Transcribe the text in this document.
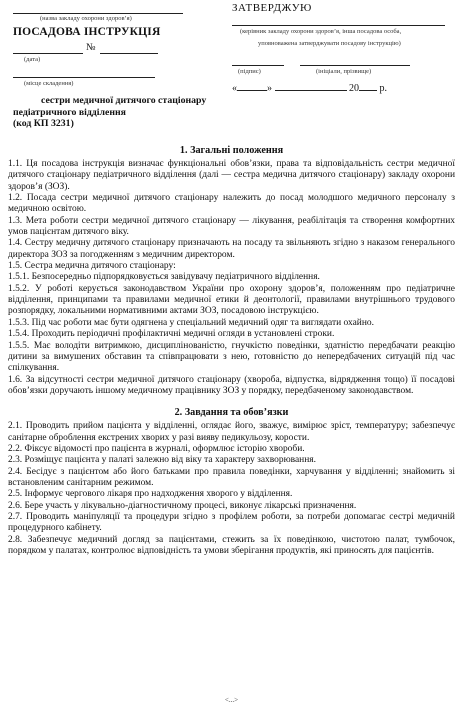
(назва закладу охорони здоров’я)
ПОСАДОВА ІНСТРУКЦІЯ
№
(дата)
(місце складення)
сестри медичної дитячого стаціонару
педіатричного відділення
(код КП 3231)
ЗАТВЕРДЖУЮ
(керівник закладу охорони здоров’я, інша посадова особа,
уповноважена затверджувати посадову інструкцію)
(підпис)	(ініціали, прізвище)
«	»	20 р.
1. Загальні положення

1.1. Ця посадова інструкція визначає функціональні обов’язки, права та відповідальність сестри медичної дитячого стаціонару педіатричного відділення (далі — сестра медична дитячого стаціонару) закладу охорони здоров’я (ЗОЗ).

1.2. Посада сестри медичної дитячого стаціонару належить до посад молодшого медичного персоналу з медичною освітою.

1.3. Мета роботи сестри медичної дитячого стаціонару — лікування, реабілітація та створення комфортних умов пацієнтам дитячого віку.

1.4. Сестру медичну дитячого стаціонару призначають на посаду та звільняють згідно з наказом генерального директора ЗОЗ за погодженням з медичним директором.

1.5. Сестра медична дитячого стаціонару:

1.5.1. Безпосередньо підпорядковується завідувачу педіатричного відділення.

1.5.2. У роботі керується законодавством України про охорону здоров’я, положенням про педіатричне відділення, принципами та правилами медичної етики й деонтології, правилами внутрішнього трудового розпорядку, локальними нормативними актами ЗОЗ, посадовою інструкцією.

1.5.3. Під час роботи має бути одягнена у спеціальний медичний одяг та виглядати охайно.

1.5.4. Проходить періодичні профілактичні медичні огляди в установлені строки.

1.5.5. Має володіти витримкою, дисциплінованістю, гнучкістю поведінки, здатністю передбачати реакцію дитини за вимушених обставин та співпрацювати з нею, готовністю до непередбачених ситуацій під час спілкування.

1.6. За відсутності сестри медичної дитячого стаціонару (хвороба, відпустка, відрядження тощо) її посадові обов’язки доручають іншому медичному працівнику ЗОЗ у порядку, передбаченому законодавством.

2. Завдання та обов’язки

2.1. Проводить прийом пацієнта у відділенні, оглядає його, зважує, вимірює зріст, температуру; забезпечує санітарне оброблення екстрених хворих у разі вияву педикульозу, корости.

2.2. Фіксує відомості про пацієнта в журналі, оформлює історію хвороби.

2.3. Розміщує пацієнта у палаті залежно від віку та характеру захворювання.

2.4. Бесідує з пацієнтом або його батьками про правила поведінки, харчування у відділенні; знайомить зі встановленим санітарним режимом.

2.5. Інформує чергового лікаря про надходження хворого у відділення.

2.6. Бере участь у лікувально-діагностичному процесі, виконує лікарські призначення.

2.7. Проводить маніпуляції та процедури згідно з профілем роботи, за потреби допомагає сестрі медичній процедурного кабінету.

2.8. Забезпечує медичний догляд за пацієнтами, стежить за їх поведінкою, чистотою палат, тумбочок, порядком у палатах, контролює відповідність та умови зберігання продуктів, які приносять для пацієнтів.

<...>
